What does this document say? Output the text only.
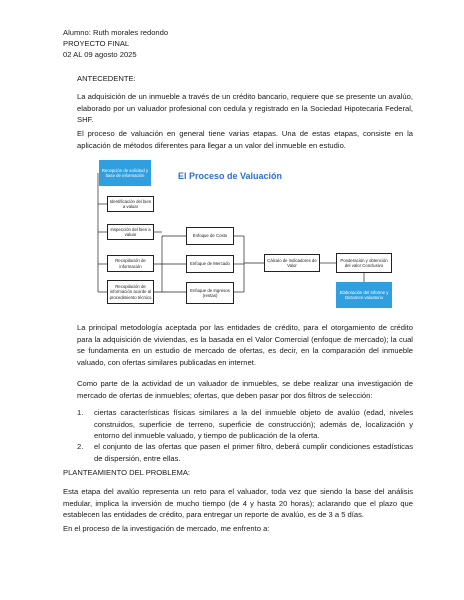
Alumno: Ruth morales redondo

PROYECTO FINAL

02 AL 09 agosto 2025

ANTECEDENTE:

La adquisición de un inmueble a través de un crédito bancario, requiere que se presente un avalúo, elaborado por un valuador profesional con cedula y registrado en la Sociedad Hipotecaria Federal, SHF.

El proceso de valuación en general tiene varias etapas. Una de estas etapas, consiste en la aplicación de métodos diferentes para llegar a un valor del inmueble en estudio.

El Proceso de Valuación
Recepción de solicitud y base de información
Identificación del bien a valuar
Inspección del bien a valuar
Recopilación de información
Recopilación de información acorde al procedimiento técnico
Enfoque de Costo
Enfoque de Mercado
Enfoque de Ingresos (rentas)
Cálculo de indicadores de Valor
Ponderación y obtención del valor Conclusivo
Elaboración del Informe y Dictamen valuatorio

La principal metodología aceptada por las entidades de crédito, para el otorgamiento de crédito para la adquisición de viviendas, es la basada en el Valor Comercial (enfoque de mercado); la cual se fundamenta en un estudio de mercado de ofertas, es decir, en la comparación del inmueble valuado, con ofertas similares publicadas en internet.

Como parte de la actividad de un valuador de inmuebles, se debe realizar una investigación de mercado de ofertas de inmuebles; ofertas, que deben pasar por dos filtros de selección:

1. ciertas características físicas similares a la del inmueble objeto de avalúo (edad, niveles construidos, superficie de terreno, superficie de construcción); además de, localización y entorno del inmueble valuado, y tiempo de publicación de la oferta.
2. el conjunto de las ofertas que pasen el primer filtro, deberá cumplir condiciones estadísticas de dispersión, entre ellas.

PLANTEAMIENTO DEL PROBLEMA:

Esta etapa del avalúo representa un reto para el valuador, toda vez que siendo la base del análisis medular, implica la inversión de mucho tiempo (de 4 y hasta 20 horas); aclarando que el plazo que establecen las entidades de crédito, para entregar un reporte de avalúo, es de 3 a 5 días.

En el proceso de la investigación de mercado, me enfrento a:
